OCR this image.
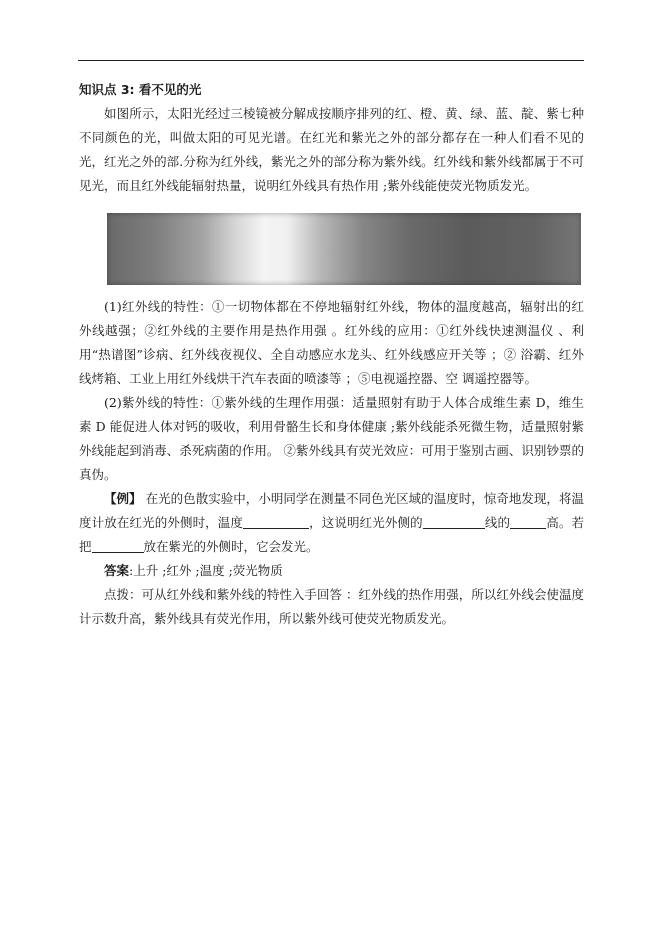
知识点 3: 看不见的光

如图所示，太阳光经过三棱镜被分解成按顺序排列的红、橙、黄、绿、蓝、靛、紫七种不同颜色的光，叫做太阳的可见光谱。在红光和紫光之外的部分都存在一种人们看不见的光，红光之外的部.分称为红外线，紫光之外的部分称为紫外线。红外线和紫外线都属于不可见光，而且红外线能辐射热量，说明红外线具有热作用 ;紫外线能使荧光物质发光。

(1)红外线的特性：①一切物体都在不停地辐射红外线，物体的温度越高，辐射出的红外线越强；②红外线的主要作用是热作用强 。红外线的应用：①红外线快速测温仪 、利用“热谱图”诊病、红外线夜视仪、全自动感应水龙头、红外线感应开关等 ；② 浴霸、红外线烤箱、工业上用红外线烘干汽车表面的喷漆等 ；⑤电视遥控器、空 调遥控器等。

(2)紫外线的特性：①紫外线的生理作用强：适量照射有助于人体合成维生素 D，维生素 D 能促进人体对钙的吸收，利用骨骼生长和身体健康 ;紫外线能杀死微生物，适量照射紫外线能起到消毒、杀死病菌的作用。 ②紫外线具有荧光效应：可用于鉴别古画、识别钞票的真伪。

【例】 在光的色散实验中，小明同学在测量不同色光区域的温度时，惊奇地发现，将温度计放在红光的外侧时，温度	，这说明红光外侧的	线的	高。若把	放在紫光的外侧时，它会发光。

答案:上升 ;红外 ;温度 ;荧光物质

点拨：可从红外线和紫外线的特性入手回答 ：红外线的热作用强，所以红外线会使温度计示数升高，紫外线具有荧光作用，所以紫外线可使荧光物质发光。
